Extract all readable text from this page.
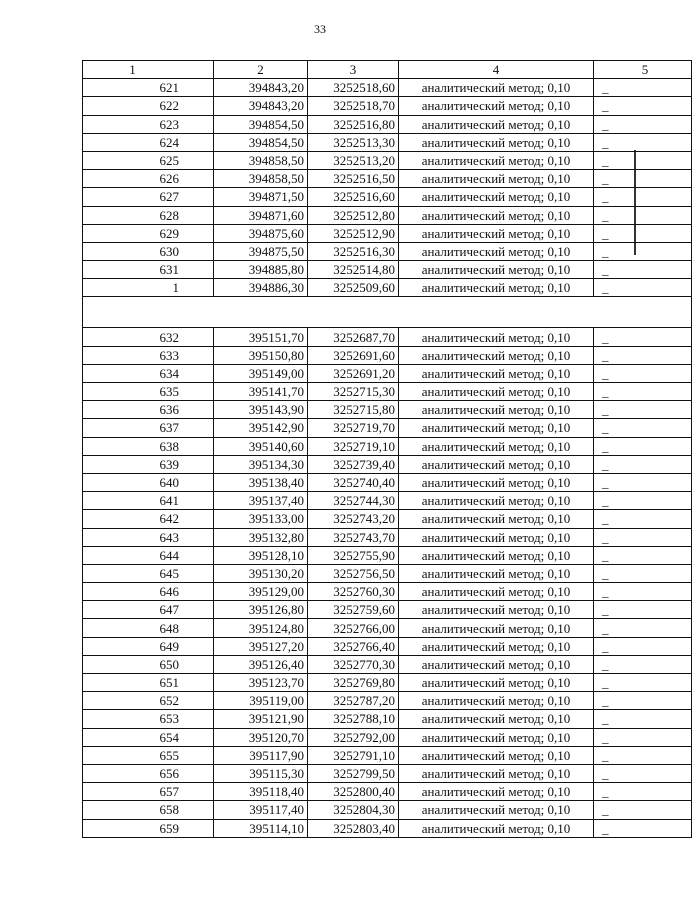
33
1	2	3	4	5
621	394843,20	3252518,60	аналитический метод; 0,10	_
622	394843,20	3252518,70	аналитический метод; 0,10	_
623	394854,50	3252516,80	аналитический метод; 0,10	_
624	394854,50	3252513,30	аналитический метод; 0,10	_
625	394858,50	3252513,20	аналитический метод; 0,10	_
626	394858,50	3252516,50	аналитический метод; 0,10	_
627	394871,50	3252516,60	аналитический метод; 0,10	_
628	394871,60	3252512,80	аналитический метод; 0,10	_
629	394875,60	3252512,90	аналитический метод; 0,10	_
630	394875,50	3252516,30	аналитический метод; 0,10	_
631	394885,80	3252514,80	аналитический метод; 0,10	_
1	394886,30	3252509,60	аналитический метод; 0,10	_

632	395151,70	3252687,70	аналитический метод; 0,10	_
633	395150,80	3252691,60	аналитический метод; 0,10	_
634	395149,00	3252691,20	аналитический метод; 0,10	_
635	395141,70	3252715,30	аналитический метод; 0,10	_
636	395143,90	3252715,80	аналитический метод; 0,10	_
637	395142,90	3252719,70	аналитический метод; 0,10	_
638	395140,60	3252719,10	аналитический метод; 0,10	_
639	395134,30	3252739,40	аналитический метод; 0,10	_
640	395138,40	3252740,40	аналитический метод; 0,10	_
641	395137,40	3252744,30	аналитический метод; 0,10	_
642	395133,00	3252743,20	аналитический метод; 0,10	_
643	395132,80	3252743,70	аналитический метод; 0,10	_
644	395128,10	3252755,90	аналитический метод; 0,10	_
645	395130,20	3252756,50	аналитический метод; 0,10	_
646	395129,00	3252760,30	аналитический метод; 0,10	_
647	395126,80	3252759,60	аналитический метод; 0,10	_
648	395124,80	3252766,00	аналитический метод; 0,10	_
649	395127,20	3252766,40	аналитический метод; 0,10	_
650	395126,40	3252770,30	аналитический метод; 0,10	_
651	395123,70	3252769,80	аналитический метод; 0,10	_
652	395119,00	3252787,20	аналитический метод; 0,10	_
653	395121,90	3252788,10	аналитический метод; 0,10	_
654	395120,70	3252792,00	аналитический метод; 0,10	_
655	395117,90	3252791,10	аналитический метод; 0,10	_
656	395115,30	3252799,50	аналитический метод; 0,10	_
657	395118,40	3252800,40	аналитический метод; 0,10	_
658	395117,40	3252804,30	аналитический метод; 0,10	_
659	395114,10	3252803,40	аналитический метод; 0,10	_
